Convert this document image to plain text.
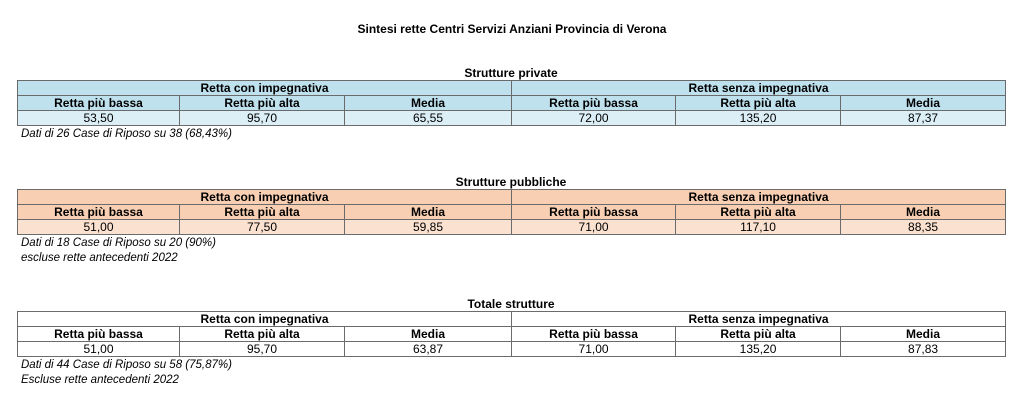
Sintesi rette Centri Servizi Anziani Provincia di Verona
Strutture private
Retta con impegnativa			Retta senza impegnativa		
Retta più bassa	Retta più alta	Media	Retta più bassa	Retta più alta	Media
53,50	95,70	65,55	72,00	135,20	87,37
Dati di 26 Case di Riposo su 38 (68,43%)
Strutture pubbliche
Retta con impegnativa			Retta senza impegnativa		
Retta più bassa	Retta più alta	Media	Retta più bassa	Retta più alta	Media
51,00	77,50	59,85	71,00	117,10	88,35
Dati di 18 Case di Riposo su 20 (90%)
escluse rette antecedenti 2022
Totale strutture
Retta con impegnativa			Retta senza impegnativa		
Retta più bassa	Retta più alta	Media	Retta più bassa	Retta più alta	Media
51,00	95,70	63,87	71,00	135,20	87,83
Dati di 44 Case di Riposo su 58 (75,87%)
Escluse rette antecedenti 2022
